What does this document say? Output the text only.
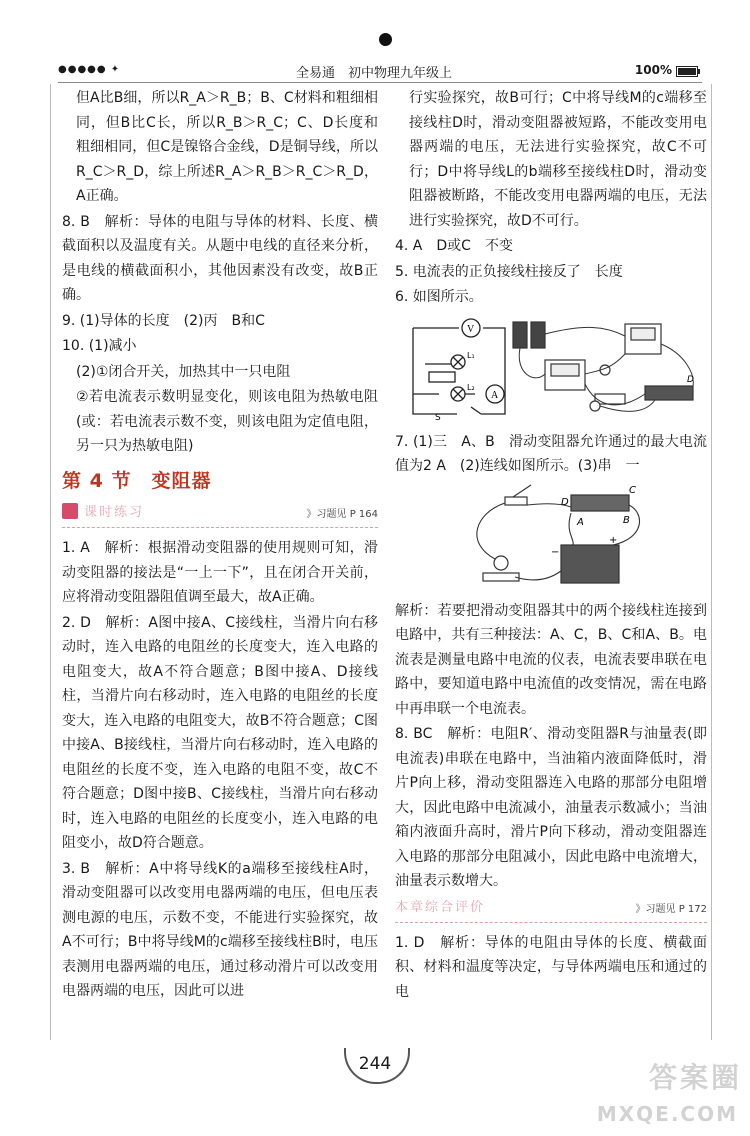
●●●●● ✦	全易通　初中物理九年级上	100%

但A比B细，所以R_A＞R_B；B、C材料和粗细相同，但B比C长，所以R_B＞R_C；C、D长度和粗细相同，但C是镍铬合金线，D是铜导线，所以R_C＞R_D，综上所述R_A＞R_B＞R_C＞R_D，A正确。

8. B　解析：导体的电阻与导体的材料、长度、横截面积以及温度有关。从题中电线的直径来分析，是电线的横截面积小，其他因素没有改变，故B正确。

9. (1)导体的长度　(2)丙　B和C

10. (1)减小

(2)①闭合开关，加热其中一只电阻

②若电流表示数明显变化，则该电阻为热敏电阻(或：若电流表示数不变，则该电阻为定值电阻，另一只为热敏电阻)

第 4 节　变阻器
课时练习	》习题见 P 164

1. A　解析：根据滑动变阻器的使用规则可知，滑动变阻器的接法是“一上一下”，且在闭合开关前，应将滑动变阻器阻值调至最大，故A正确。

2. D　解析：A图中接A、C接线柱，当滑片向右移动时，连入电路的电阻丝的长度变大，连入电路的电阻变大，故A不符合题意；B图中接A、D接线柱，当滑片向右移动时，连入电路的电阻丝的长度变大，连入电路的电阻变大，故B不符合题意；C图中接A、B接线柱，当滑片向右移动时，连入电路的电阻丝的长度不变，连入电路的电阻不变，故C不符合题意；D图中接B、C接线柱，当滑片向右移动时，连入电路的电阻丝的长度变小，连入电路的电阻变小，故D符合题意。

3. B　解析：A中将导线K的a端移至接线柱A时，滑动变阻器可以改变用电器两端的电压，但电压表测电源的电压，示数不变，不能进行实验探究，故A不可行；B中将导线M的c端移至接线柱B时，电压表测用电器两端的电压，通过移动滑片可以改变用电器两端的电压，因此可以进

行实验探究，故B可行；C中将导线M的c端移至接线柱D时，滑动变阻器被短路，不能改变用电器两端的电压，无法进行实验探究，故C不可行；D中将导线L的b端移至接线柱D时，滑动变阻器被断路，不能改变用电器两端的电压，无法进行实验探究，故D不可行。

4. A　D或C　不变

5. 电流表的正负接线柱接反了　长度

6. 如图所示。

V
A
L₁
L₂
S
D

7. (1)三　A、B　滑动变阻器允许通过的最大电流值为2 A　(2)连线如图所示。(3)串　一

A	B
C
D
+
−

解析：若要把滑动变阻器其中的两个接线柱连接到电路中，共有三种接法：A、C，B、C和A、B。电流表是测量电路中电流的仪表，电流表要串联在电路中，要知道电路中电流值的改变情况，需在电路中再串联一个电流表。

8. BC　解析：电阻R′、滑动变阻器R与油量表(即电流表)串联在电路中，当油箱内液面降低时，滑片P向上移，滑动变阻器连入电路的那部分电阻增大，因此电路中电流减小，油量表示数减小；当油箱内液面升高时，滑片P向下移动，滑动变阻器连入电路的那部分电阻减小，因此电路中电流增大，油量表示数增大。

本章综合评价	》习题见 P 172

1. D　解析：导体的电阻由导体的长度、横截面积、材料和温度等决定，与导体两端电压和通过的电

244	答案圈
MXQE.COM
